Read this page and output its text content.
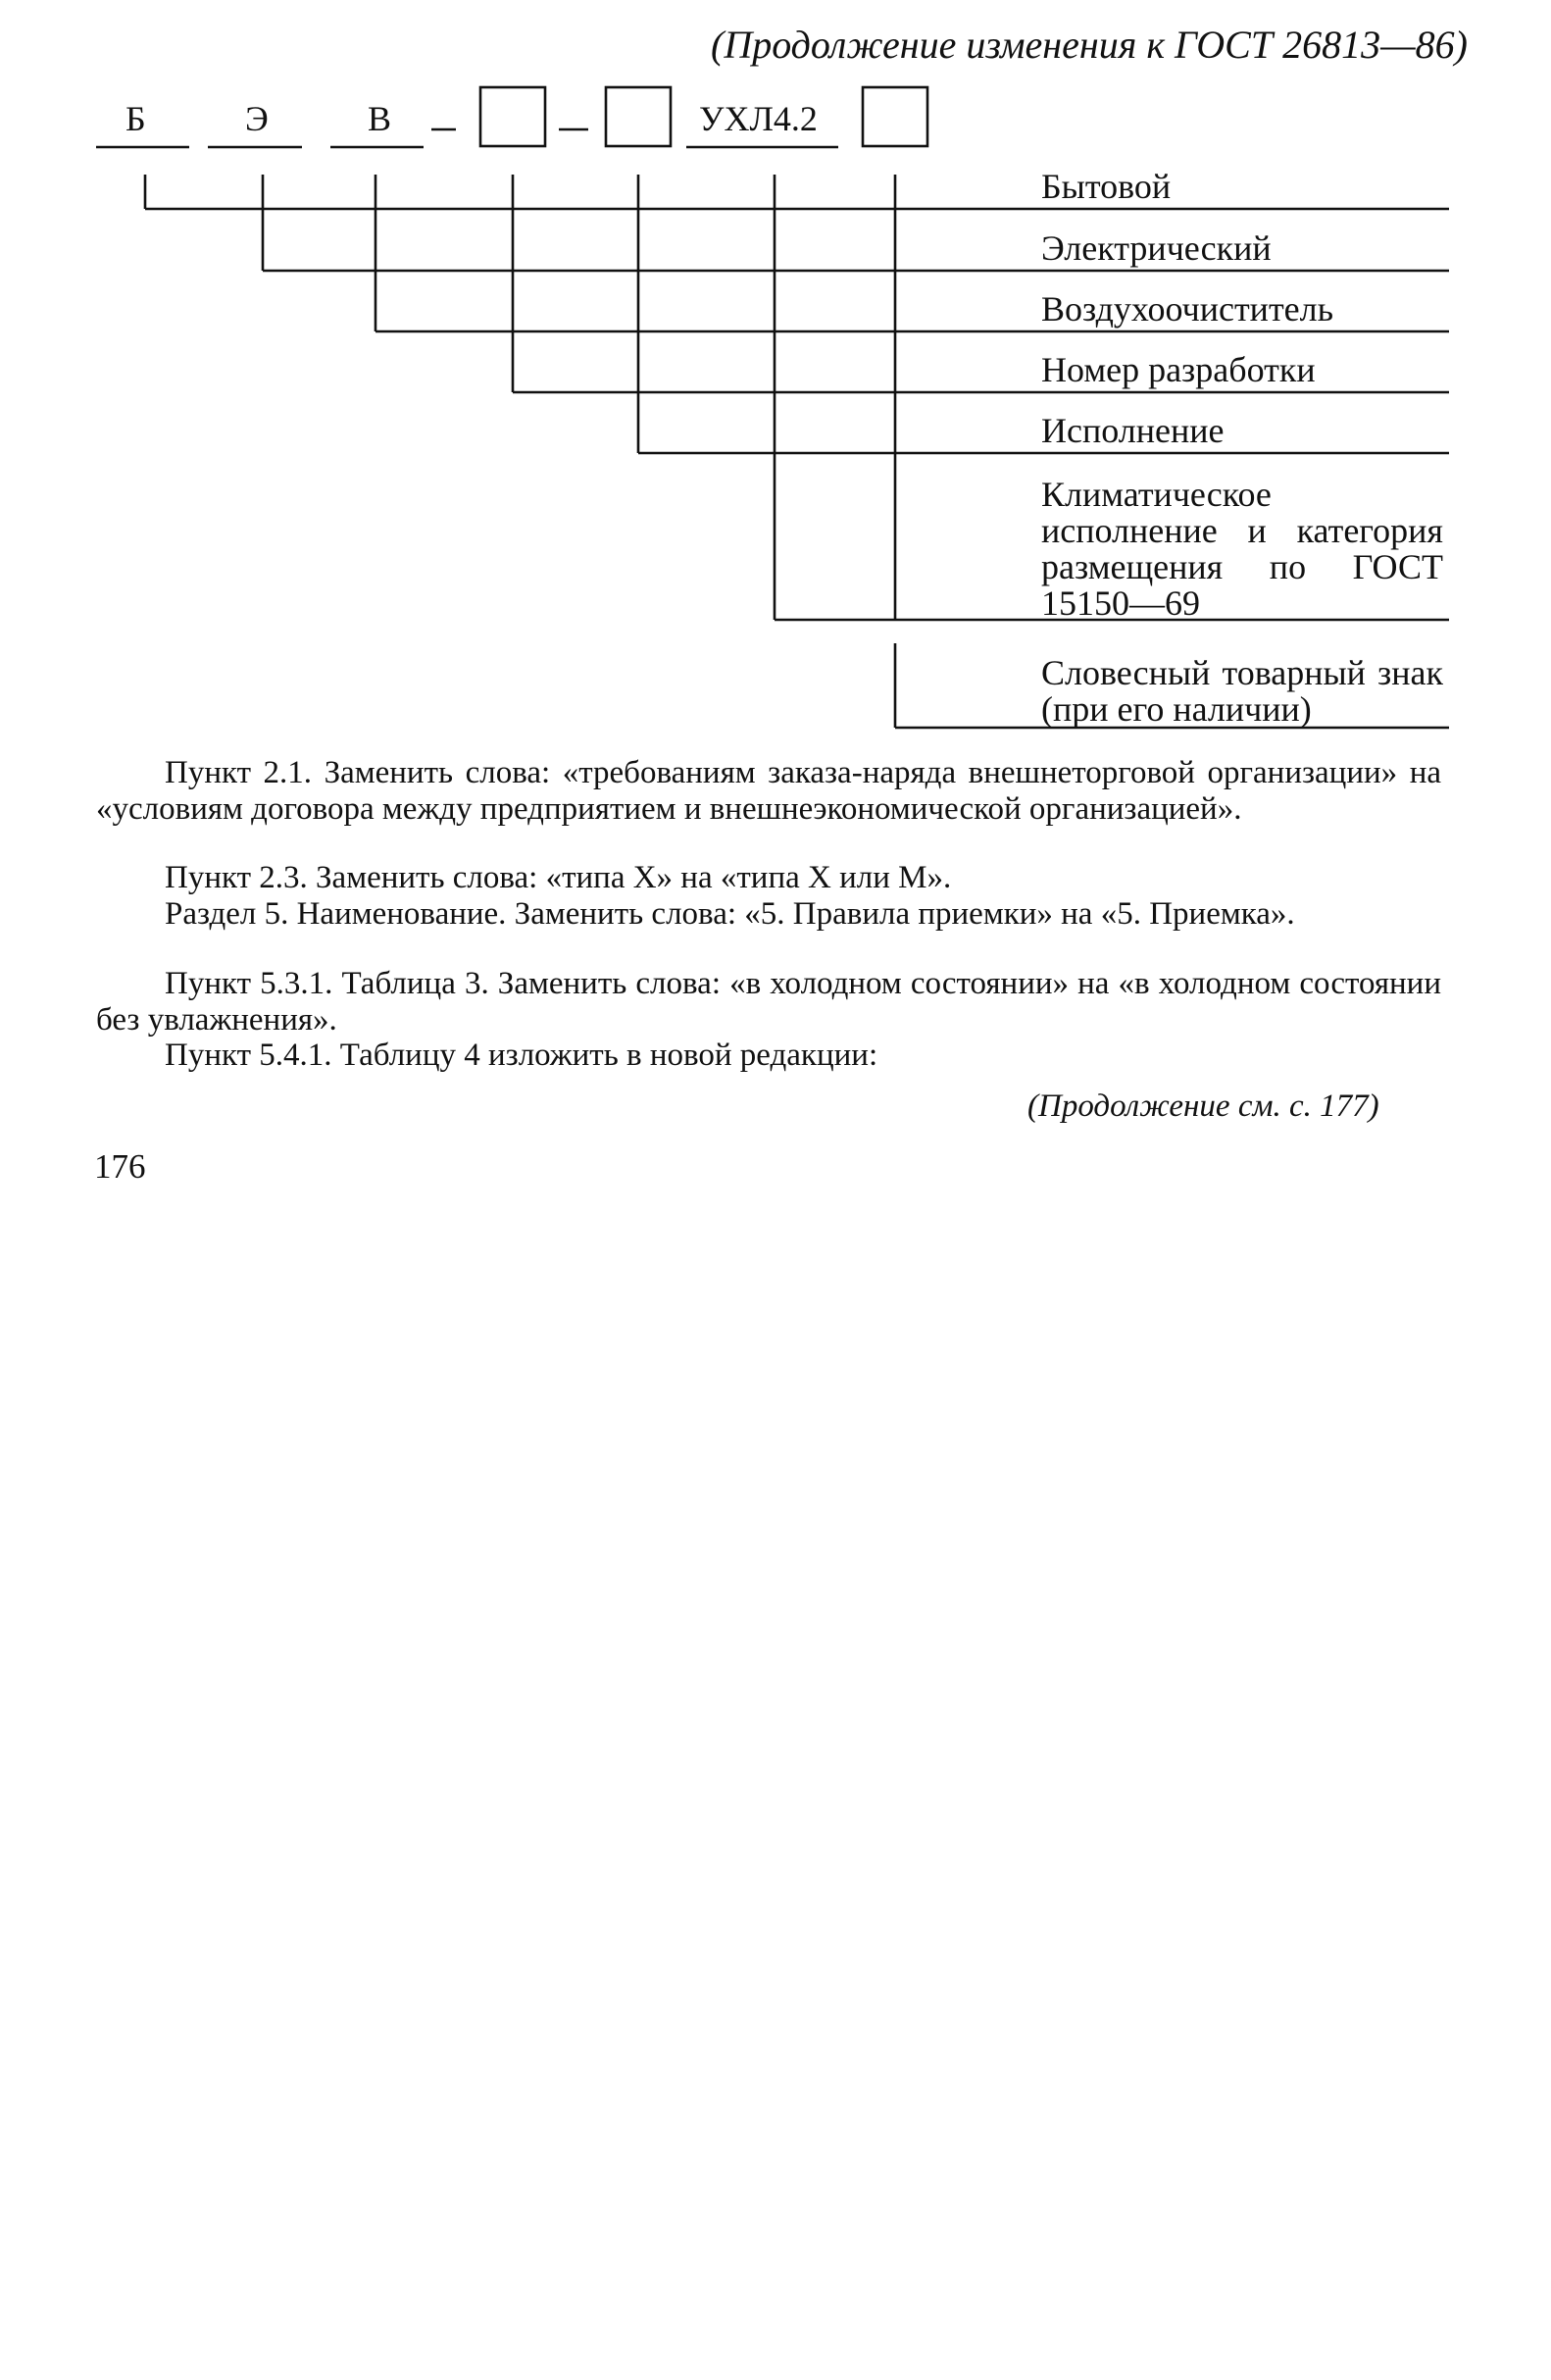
(Продолжение изменения к ГОСТ 26813—86)
Б	Э	В	УХЛ4.2
Бытовой
Электрический
Воздухоочиститель
Номер разработки
Исполнение
Климатическое исполнение и категория размещения по ГОСТ 15150—69
Словесный товарный знак (при его наличии)
Пункт 2.1. Заменить слова: «требованиям заказа-наряда внешнеторговой организации» на «условиям договора между предприятием и внешнеэкономической организацией».
Пункт 2.3. Заменить слова: «типа X» на «типа X или M».
Раздел 5. Наименование. Заменить слова: «5. Правила приемки» на «5. Приемка».
Пункт 5.3.1. Таблица 3. Заменить слова: «в холодном состоянии» на «в холодном состоянии без увлажнения».
Пункт 5.4.1. Таблицу 4 изложить в новой редакции:
(Продолжение см. с. 177)
176
